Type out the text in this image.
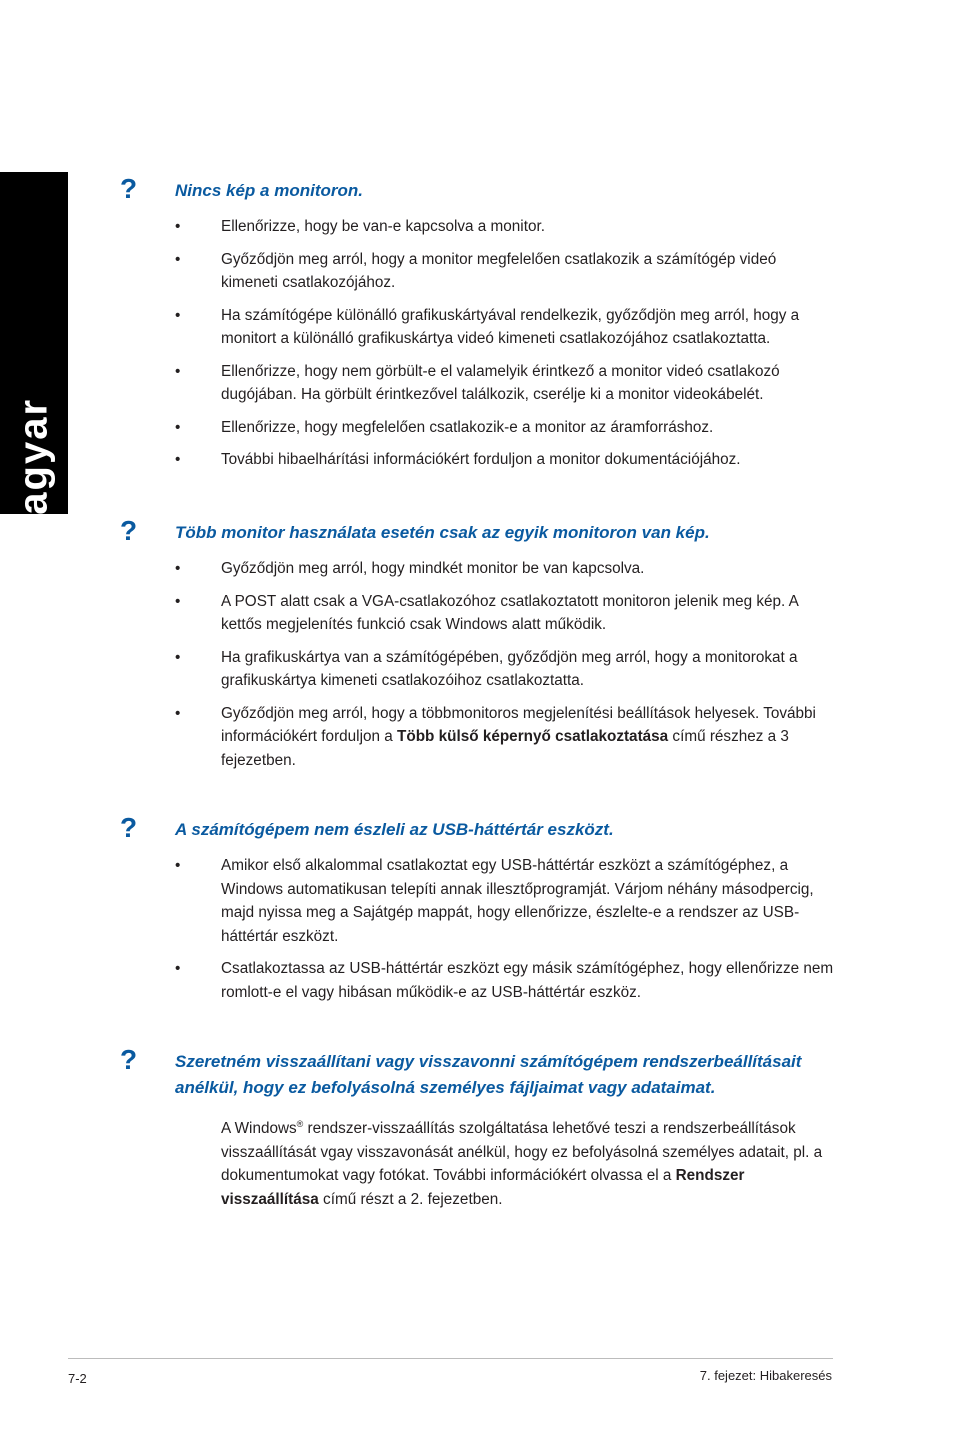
Magyar
? Nincs kép a monitoron.
•	Ellenőrizze, hogy be van-e kapcsolva a monitor.
•	Győződjön meg arról, hogy a monitor megfelelően csatlakozik a számítógép videó kimeneti csatlakozójához.
•	Ha számítógépe különálló grafikuskártyával rendelkezik, győződjön meg arról, hogy a monitort a különálló grafikuskártya videó kimeneti csatlakozójához csatlakoztatta.
•	Ellenőrizze, hogy nem görbült-e el valamelyik érintkező a monitor videó csatlakozó dugójában. Ha görbült érintkezővel találkozik, cserélje ki a monitor videokábelét.
•	Ellenőrizze, hogy megfelelően csatlakozik-e a monitor az áramforráshoz.
•	További hibaelhárítási információkért forduljon a monitor dokumentációjához.
? Több monitor használata esetén csak az egyik monitoron van kép.
•	Győződjön meg arról, hogy mindkét monitor be van kapcsolva.
•	A POST alatt csak a VGA-csatlakozóhoz csatlakoztatott monitoron jelenik meg kép. A kettős megjelenítés funkció csak Windows alatt működik.
•	Ha grafikuskártya van a számítógépében, győződjön meg arról, hogy a monitorokat a grafikuskártya kimeneti csatlakozóihoz csatlakoztatta.
•	Győződjön meg arról, hogy a többmonitoros megjelenítési beállítások helyesek. További információkért forduljon a Több külső képernyő csatlakoztatása című részhez a 3 fejezetben.
? A számítógépem nem észleli az USB-háttértár eszközt.
•	Amikor első alkalommal csatlakoztat egy USB-háttértár eszközt a számítógéphez, a Windows automatikusan telepíti annak illesztőprogramját. Várjom néhány másodpercig, majd nyissa meg a Sajátgép mappát, hogy ellenőrizze, észlelte-e a rendszer az USB-háttértár eszközt.
•	Csatlakoztassa az USB-háttértár eszközt egy másik számítógéphez, hogy ellenőrizze nem romlott-e el vagy hibásan működik-e az USB-háttértár eszköz.
? Szeretném visszaállítani vagy visszavonni számítógépem rendszerbeállításait anélkül, hogy ez befolyásolná személyes fájljaimat vagy adataimat.
A Windows® rendszer-visszaállítás szolgáltatása lehetővé teszi a rendszerbeállítások visszaállítását vgay visszavonását anélkül, hogy ez befolyásolná személyes adatait, pl. a dokumentumokat vagy fotókat. További információkért olvassa el a Rendszer visszaállítása című részt a 2. fejezetben.
7-2	7. fejezet: Hibakeresés
